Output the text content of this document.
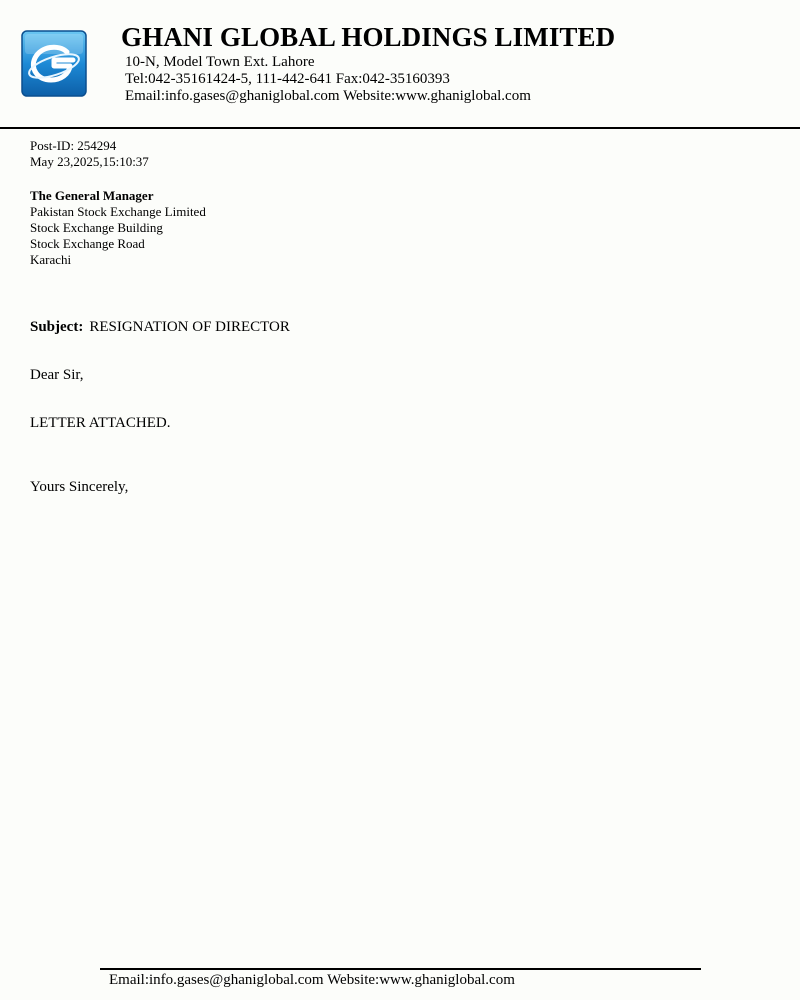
GHANI GLOBAL HOLDINGS LIMITED
10-N, Model Town Ext. Lahore
Tel:042-35161424-5, 111-442-641 Fax:042-35160393
Email:info.gases@ghaniglobal.com Website:www.ghaniglobal.com
Post-ID: 254294
May 23,2025,15:10:37
The General Manager
Pakistan Stock Exchange Limited
Stock Exchange Building
Stock Exchange Road
Karachi
Subject: RESIGNATION OF DIRECTOR
Dear Sir,
LETTER ATTACHED.
Yours Sincerely,
Email:info.gases@ghaniglobal.com Website:www.ghaniglobal.com
